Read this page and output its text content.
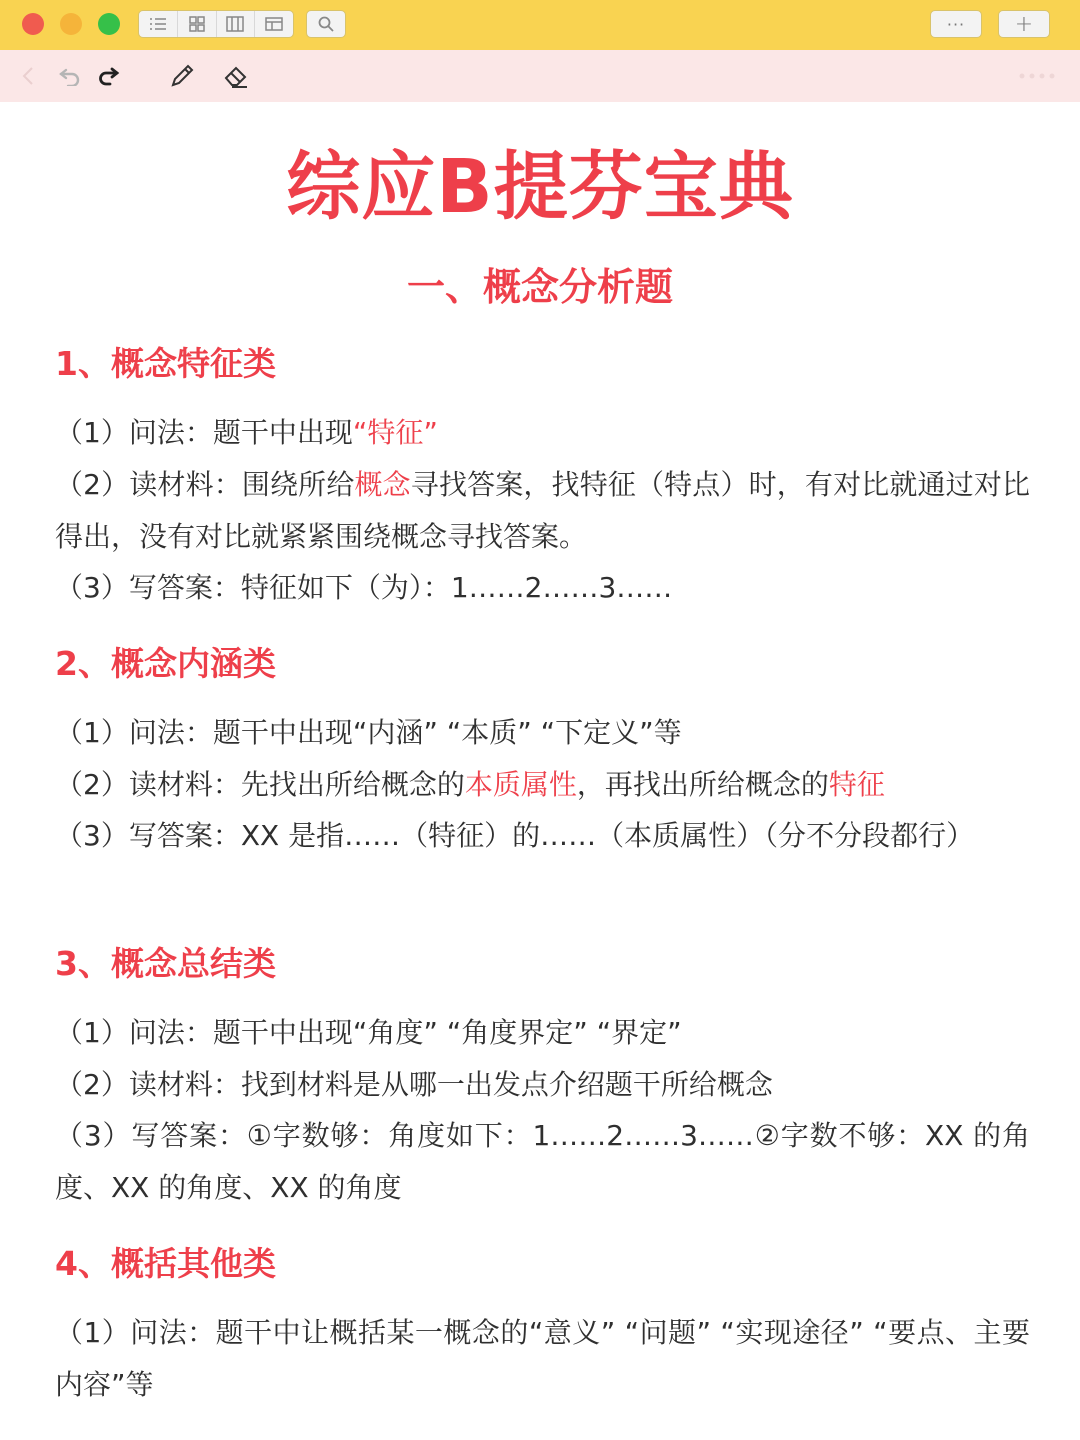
···	+
综应B提芬宝典
一、概念分析题
1、概念特征类
（1）问法：题干中出现“特征”
（2）读材料：围绕所给概念寻找答案，找特征（特点）时，有对比就通过对比得出，没有对比就紧紧围绕概念寻找答案。
（3）写答案：特征如下（为）：1……2……3……
2、概念内涵类
（1）问法：题干中出现“内涵” “本质” “下定义”等
（2）读材料：先找出所给概念的本质属性，再找出所给概念的特征
（3）写答案：XX 是指……（特征）的……（本质属性）（分不分段都行）
3、概念总结类
（1）问法：题干中出现“角度” “角度界定” “界定”
（2）读材料：找到材料是从哪一出发点介绍题干所给概念
（3）写答案：①字数够：角度如下：1……2……3……②字数不够：XX 的角度、XX 的角度、XX 的角度
4、概括其他类
（1）问法：题干中让概括某一概念的“意义” “问题” “实现途径” “要点、主要内容”等
